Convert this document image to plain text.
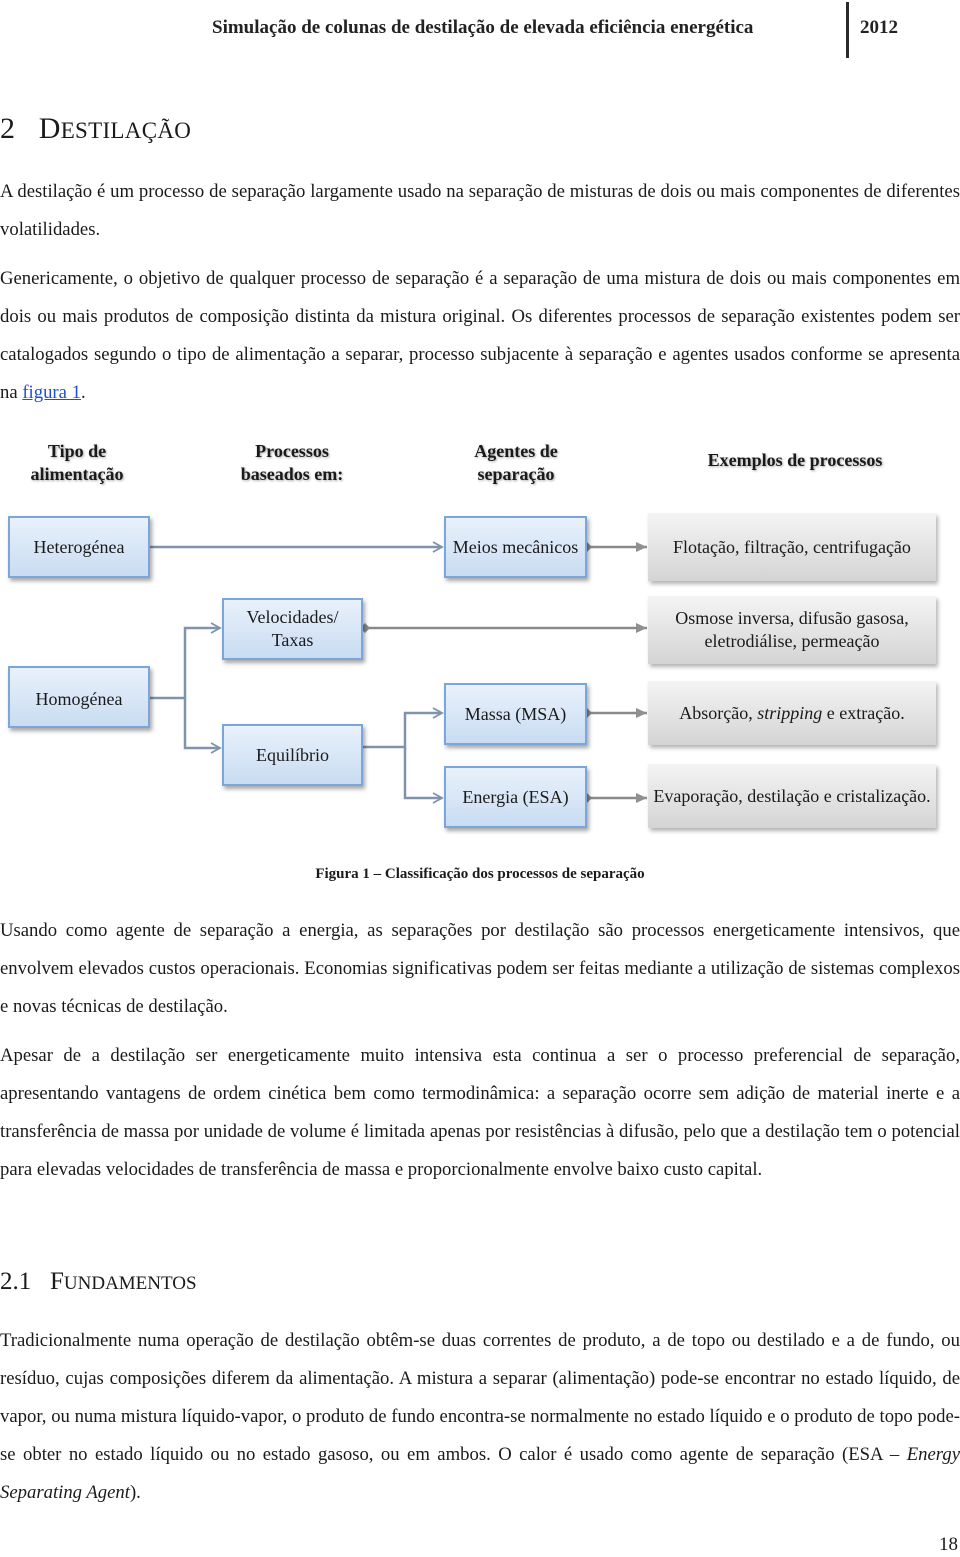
Simulação de colunas de destilação de elevada eficiência energética	2012
2 DESTILAÇÃO

A destilação é um processo de separação largamente usado na separação de misturas de dois ou mais componentes de diferentes volatilidades.

Genericamente, o objetivo de qualquer processo de separação é a separação de uma mistura de dois ou mais componentes em dois ou mais produtos de composição distinta da mistura original. Os diferentes processos de separação existentes podem ser catalogados segundo o tipo de alimentação a separar, processo subjacente à separação e agentes usados conforme se apresenta na figura 1.

Tipo de alimentação
Processos baseados em:
Agentes de separação
Exemplos de processos
Heterogénea
Homogénea
Velocidades/ Taxas
Equilíbrio
Meios mecânicos
Massa (MSA)
Energia (ESA)
Flotação, filtração, centrifugação
Osmose inversa, difusão gasosa, eletrodiálise, permeação
Absorção, stripping e extração.
Evaporação, destilação e cristalização.
Figura 1 – Classificação dos processos de separação

Usando como agente de separação a energia, as separações por destilação são processos energeticamente intensivos, que envolvem elevados custos operacionais. Economias significativas podem ser feitas mediante a utilização de sistemas complexos e novas técnicas de destilação.

Apesar de a destilação ser energeticamente muito intensiva esta continua a ser o processo preferencial de separação, apresentando vantagens de ordem cinética bem como termodinâmica: a separação ocorre sem adição de material inerte e a transferência de massa por unidade de volume é limitada apenas por resistências à difusão, pelo que a destilação tem o potencial para elevadas velocidades de transferência de massa e proporcionalmente envolve baixo custo capital.

2.1 FUNDAMENTOS

Tradicionalmente numa operação de destilação obtêm-se duas correntes de produto, a de topo ou destilado e a de fundo, ou resíduo, cujas composições diferem da alimentação. A mistura a separar (alimentação) pode-se encontrar no estado líquido, de vapor, ou numa mistura líquido-vapor, o produto de fundo encontra-se normalmente no estado líquido e o produto de topo pode-se obter no estado líquido ou no estado gasoso, ou em ambos. O calor é usado como agente de separação (ESA – Energy Separating Agent).

18
